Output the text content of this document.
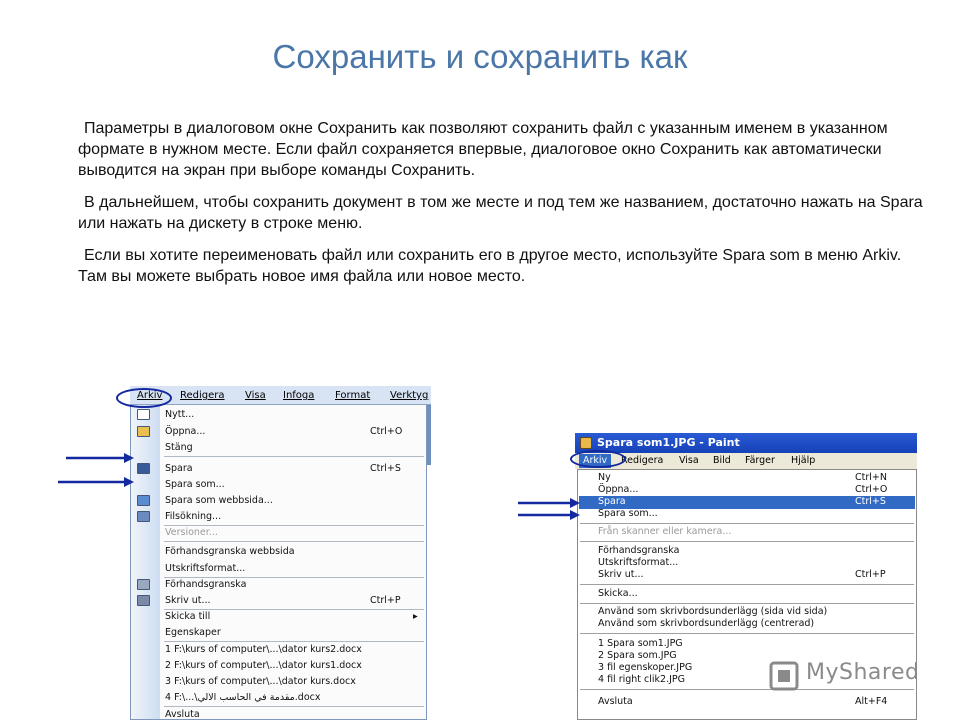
Сохранить и сохранить как

Параметры в диалоговом окне Сохранить как позволяют сохранить файл с указанным именем в указанном формате в нужном месте. Если файл сохраняется впервые, диалоговое окно Сохранить как автоматически выводится на экран при выборе команды Сохранить.

В дальнейшем, чтобы сохранить документ в том же месте и под тем же названием, достаточно нажать на Spara или нажать на дискету в строке меню.

Если вы хотите переименовать файл или сохранить его в другое место, используйте Spara som в меню Arkiv. Там вы можете выбрать новое имя файла или новое место.

Arkiv Redigera Visa Infoga Format Verktyg
Nytt...
Öppna...	Ctrl+O
Stäng
Spara	Ctrl+S
Spara som...
Spara som webbsida...
Filsökning...
Versioner...
Förhandsgranska webbsida
Utskriftsformat...
Förhandsgranska
Skriv ut...	Ctrl+P
Skicka till	▸
Egenskaper
1 F:\kurs of computer\...\dator kurs2.docx
2 F:\kurs of computer\...\dator kurs1.docx
3 F:\kurs of computer\...\dator kurs.docx
4 F:\...\مقدمة في الحاسب الالي.docx
Avsluta
Spara som1.JPG - Paint
Arkiv	Redigera Visa Bild Färger Hjälp
Ny	Ctrl+N
Öppna...	Ctrl+O
Spara	Ctrl+S
Spara som...
Från skanner eller kamera...
Förhandsgranska
Utskriftsformat...
Skriv ut...	Ctrl+P
Skicka...
Använd som skrivbordsunderlägg (sida vid sida)
Använd som skrivbordsunderlägg (centrerad)
1 Spara som1.JPG
2 Spara som.JPG
3 fil egenskoper.JPG
4 fil right clik2.JPG
Avsluta	Alt+F4
MyShared
